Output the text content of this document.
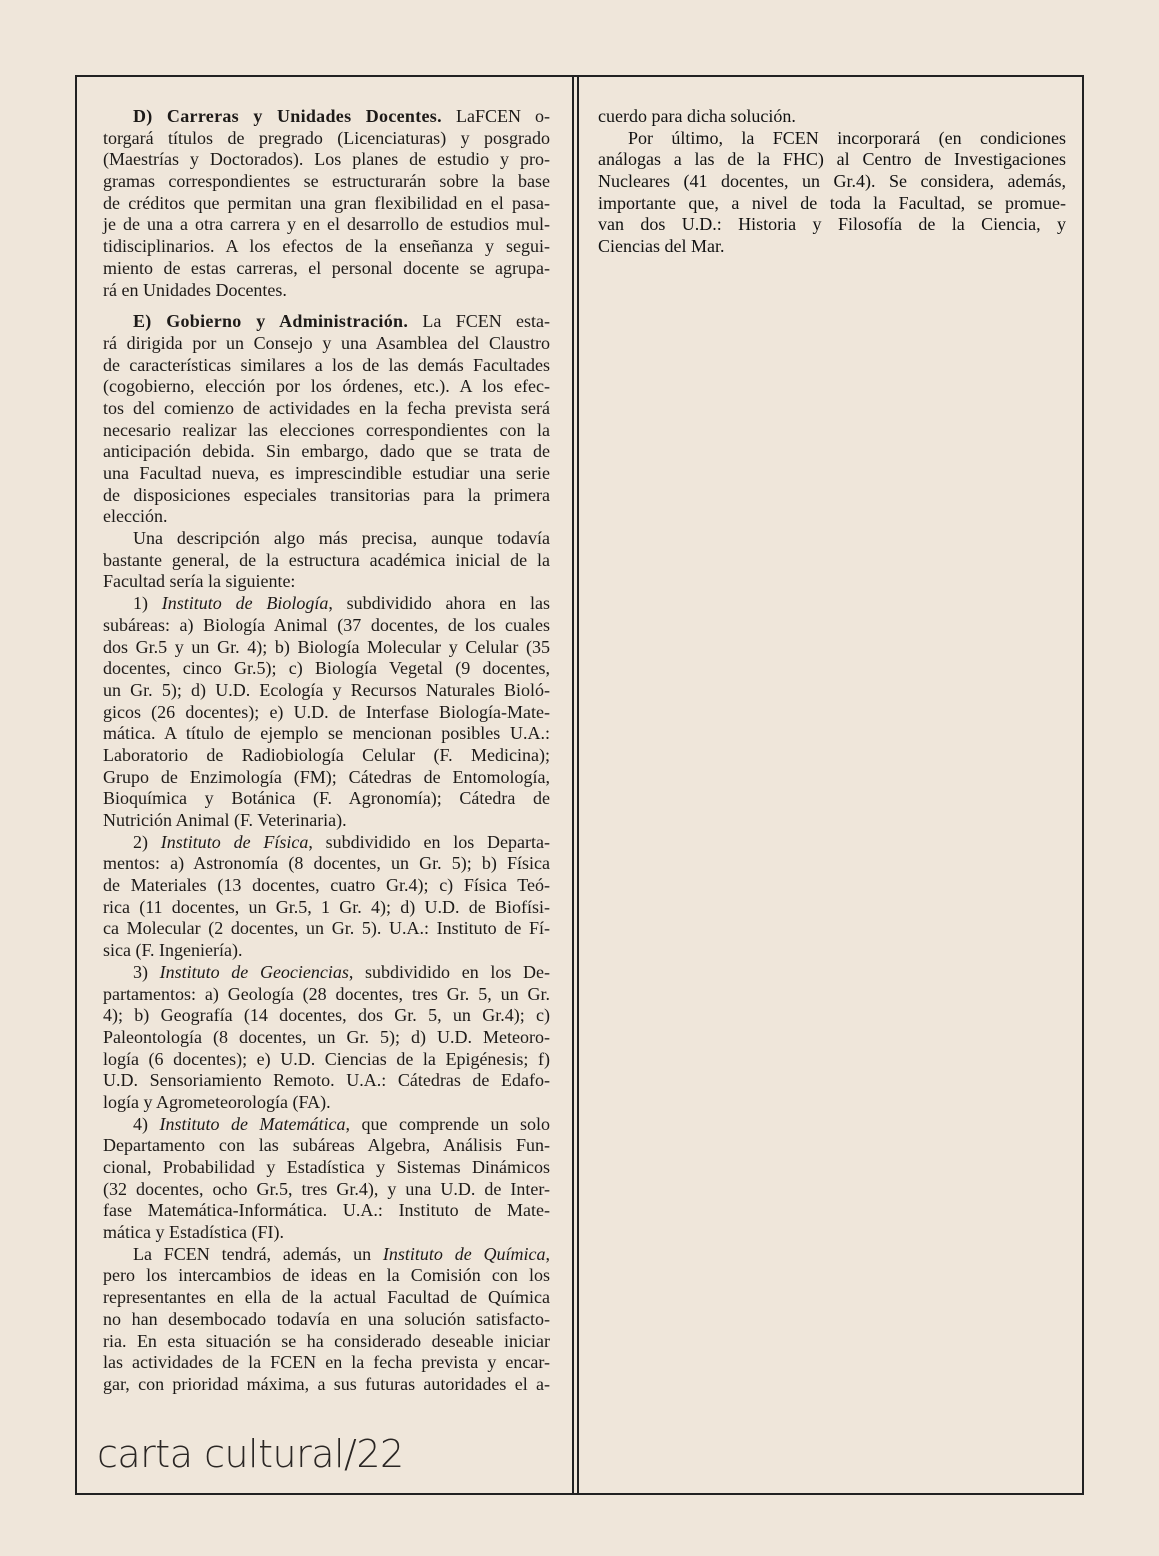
D) Carreras y Unidades Docentes. LaFCEN o-
torgará títulos de pregrado (Licenciaturas) y posgrado
(Maestrías y Doctorados). Los planes de estudio y pro-
gramas correspondientes se estructurarán sobre la base
de créditos que permitan una gran flexibilidad en el pasa-
je de una a otra carrera y en el desarrollo de estudios mul-
tidisciplinarios. A los efectos de la enseñanza y segui-
miento de estas carreras, el personal docente se agrupa-
rá en Unidades Docentes.
E) Gobierno y Administración. La FCEN esta-
rá dirigida por un Consejo y una Asamblea del Claustro
de características similares a los de las demás Facultades
(cogobierno, elección por los órdenes, etc.). A los efec-
tos del comienzo de actividades en la fecha prevista será
necesario realizar las elecciones correspondientes con la
anticipación debida. Sin embargo, dado que se trata de
una Facultad nueva, es imprescindible estudiar una serie
de disposiciones especiales transitorias para la primera
elección.
Una descripción algo más precisa, aunque todavía
bastante general, de la estructura académica inicial de la
Facultad sería la siguiente:
1) Instituto de Biología, subdividido ahora en las
subáreas: a) Biología Animal (37 docentes, de los cuales
dos Gr.5 y un Gr. 4); b) Biología Molecular y Celular (35
docentes, cinco Gr.5); c) Biología Vegetal (9 docentes,
un Gr. 5); d) U.D. Ecología y Recursos Naturales Bioló-
gicos (26 docentes); e) U.D. de Interfase Biología-Mate-
mática. A título de ejemplo se mencionan posibles U.A.:
Laboratorio de Radiobiología Celular (F. Medicina);
Grupo de Enzimología (FM); Cátedras de Entomología,
Bioquímica y Botánica (F. Agronomía); Cátedra de
Nutrición Animal (F. Veterinaria).
2) Instituto de Física, subdividido en los Departa-
mentos: a) Astronomía (8 docentes, un Gr. 5); b) Física
de Materiales (13 docentes, cuatro Gr.4); c) Física Teó-
rica (11 docentes, un Gr.5, 1 Gr. 4); d) U.D. de Biofísi-
ca Molecular (2 docentes, un Gr. 5). U.A.: Instituto de Fí-
sica (F. Ingeniería).
3) Instituto de Geociencias, subdividido en los De-
partamentos: a) Geología (28 docentes, tres Gr. 5, un Gr.
4); b) Geografía (14 docentes, dos Gr. 5, un Gr.4); c)
Paleontología (8 docentes, un Gr. 5); d) U.D. Meteoro-
logía (6 docentes); e) U.D. Ciencias de la Epigénesis; f)
U.D. Sensoriamiento Remoto. U.A.: Cátedras de Edafo-
logía y Agrometeorología (FA).
4) Instituto de Matemática, que comprende un solo
Departamento con las subáreas Algebra, Análisis Fun-
cional, Probabilidad y Estadística y Sistemas Dinámicos
(32 docentes, ocho Gr.5, tres Gr.4), y una U.D. de Inter-
fase Matemática-Informática. U.A.: Instituto de Mate-
mática y Estadística (FI).
La FCEN tendrá, además, un Instituto de Química,
pero los intercambios de ideas en la Comisión con los
representantes en ella de la actual Facultad de Química
no han desembocado todavía en una solución satisfacto-
ria. En esta situación se ha considerado deseable iniciar
las actividades de la FCEN en la fecha prevista y encar-
gar, con prioridad máxima, a sus futuras autoridades el a-
cuerdo para dicha solución.
Por último, la FCEN incorporará (en condiciones
análogas a las de la FHC) al Centro de Investigaciones
Nucleares (41 docentes, un Gr.4). Se considera, además,
importante que, a nivel de toda la Facultad, se promue-
van dos U.D.: Historia y Filosofía de la Ciencia, y
Ciencias del Mar.
carta cultural/22
